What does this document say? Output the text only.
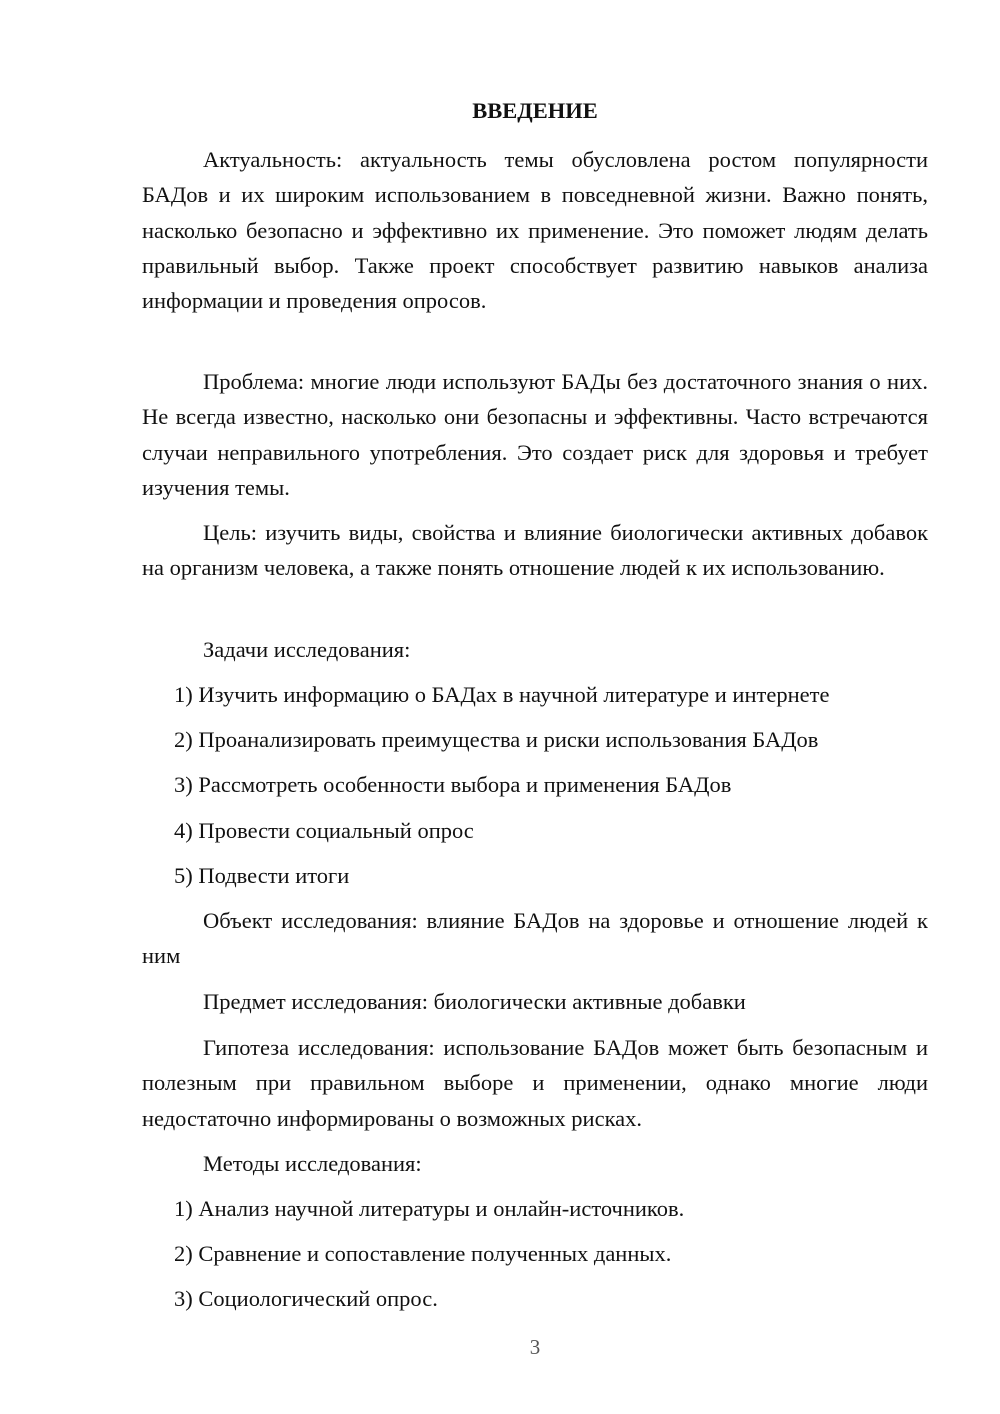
ВВЕДЕНИЕ

Актуальность: актуальность темы обусловлена ростом популярности БАДов и их широким использованием в повседневной жизни. Важно понять, насколько безопасно и эффективно их применение. Это поможет людям делать правильный выбор. Также проект способствует развитию навыков анализа информации и проведения опросов.

Проблема: многие люди используют БАДы без достаточного знания о них. Не всегда известно, насколько они безопасны и эффективны. Часто встречаются случаи неправильного употребления. Это создает риск для здоровья и требует изучения темы.

Цель: изучить виды, свойства и влияние биологически активных добавок на организм человека, а также понять отношение людей к их использованию.

Задачи исследования:

1) Изучить информацию о БАДах в научной литературе и интернете

2) Проанализировать преимущества и риски использования БАДов

3) Рассмотреть особенности выбора и применения БАДов

4) Провести социальный опрос

5) Подвести итоги

Объект исследования: влияние БАДов на здоровье и отношение людей к ним

Предмет исследования: биологически активные добавки

Гипотеза исследования: использование БАДов может быть безопасным и полезным при правильном выборе и применении, однако многие люди недостаточно информированы о возможных рисках.

Методы исследования:

1) Анализ научной литературы и онлайн-источников.

2) Сравнение и сопоставление полученных данных.

3) Социологический опрос.

3
